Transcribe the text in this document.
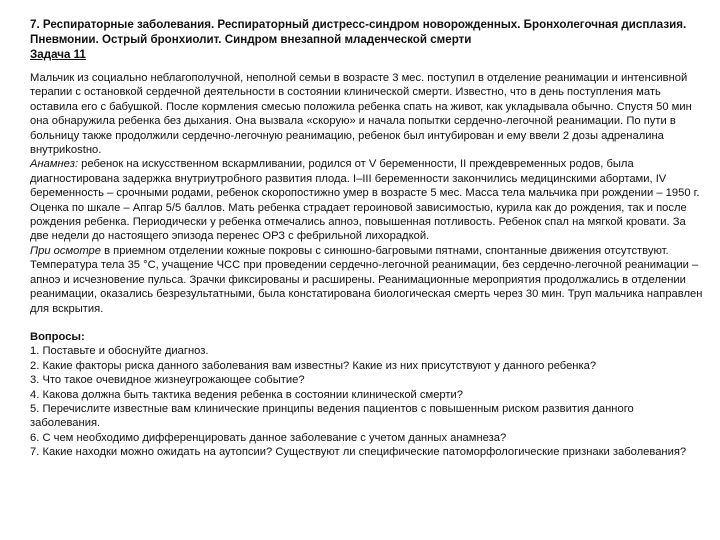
7. Респираторные заболевания. Респираторный дистресс-синдром новорожденных. Бронхолегочная дисплазия. Пневмонии. Острый бронхиолит. Синдром внезапной младенческой смерти
Задача 11

Мальчик из социально неблагополучной, неполной семьи в возрасте 3 мес. поступил в отделение реанимации и интенсивной терапии с остановкой сердечной деятельности в состоянии клинической смерти. Известно, что в день поступления мать оставила его с бабушкой. После кормления смесью положила ребенка спать на живот, как укладывала обычно. Спустя 50 мин она обнаружила ребенка без дыхания. Она вызвала «скорую» и начала попытки сердечно-легочной реанимации. По пути в больницу также продолжили сердечно-легочную реанимацию, ребенок был интубирован и ему ввели 2 дозы адреналина внутриkostно.

Анамнез: ребенок на искусственном вскармливании, родился от V беременности, II преждевременных родов, была диагностирована задержка внутриутробного развития плода. I–III беременности закончились медицинскими абортами, IV беременность – срочными родами, ребенок скоропостижно умер в возрасте 5 мес. Масса тела мальчика при рождении – 1950 г. Оценка по шкале – Апгар 5/5 баллов. Мать ребенка страдает героиновой зависимостью, курила как до рождения, так и после рождения ребенка. Периодически у ребенка отмечались апноэ, повышенная потливость. Ребенок спал на мягкой кровати. За две недели до настоящего эпизода перенес ОРЗ с фебрильной лихорадкой.

При осмотре в приемном отделении кожные покровы с синюшно-багровыми пятнами, спонтанные движения отсутствуют. Температура тела 35 °C, учащение ЧСС при проведении сердечно-легочной реанимации, без сердечно-легочной реанимации – апноэ и исчезновение пульса. Зрачки фиксированы и расширены. Реанимационные мероприятия продолжались в отделении реанимации, оказались безрезультатными, была констатирована биологическая смерть через 30 мин. Труп мальчика направлен для вскрытия.

Вопросы:

1. Поставьте и обоснуйте диагноз.
2. Какие факторы риска данного заболевания вам известны? Какие из них присутствуют у данного ребенка?
3. Что такое очевидное жизнеугрожающее событие?
4. Какова должна быть тактика ведения ребенка в состоянии клинической смерти?
5. Перечислите известные вам клинические принципы ведения пациентов с повышенным риском развития данного заболевания.
6. С чем необходимо дифференцировать данное заболевание с учетом данных анамнеза?
7. Какие находки можно ожидать на аутопсии? Существуют ли специфические патоморфологические признаки заболевания?
